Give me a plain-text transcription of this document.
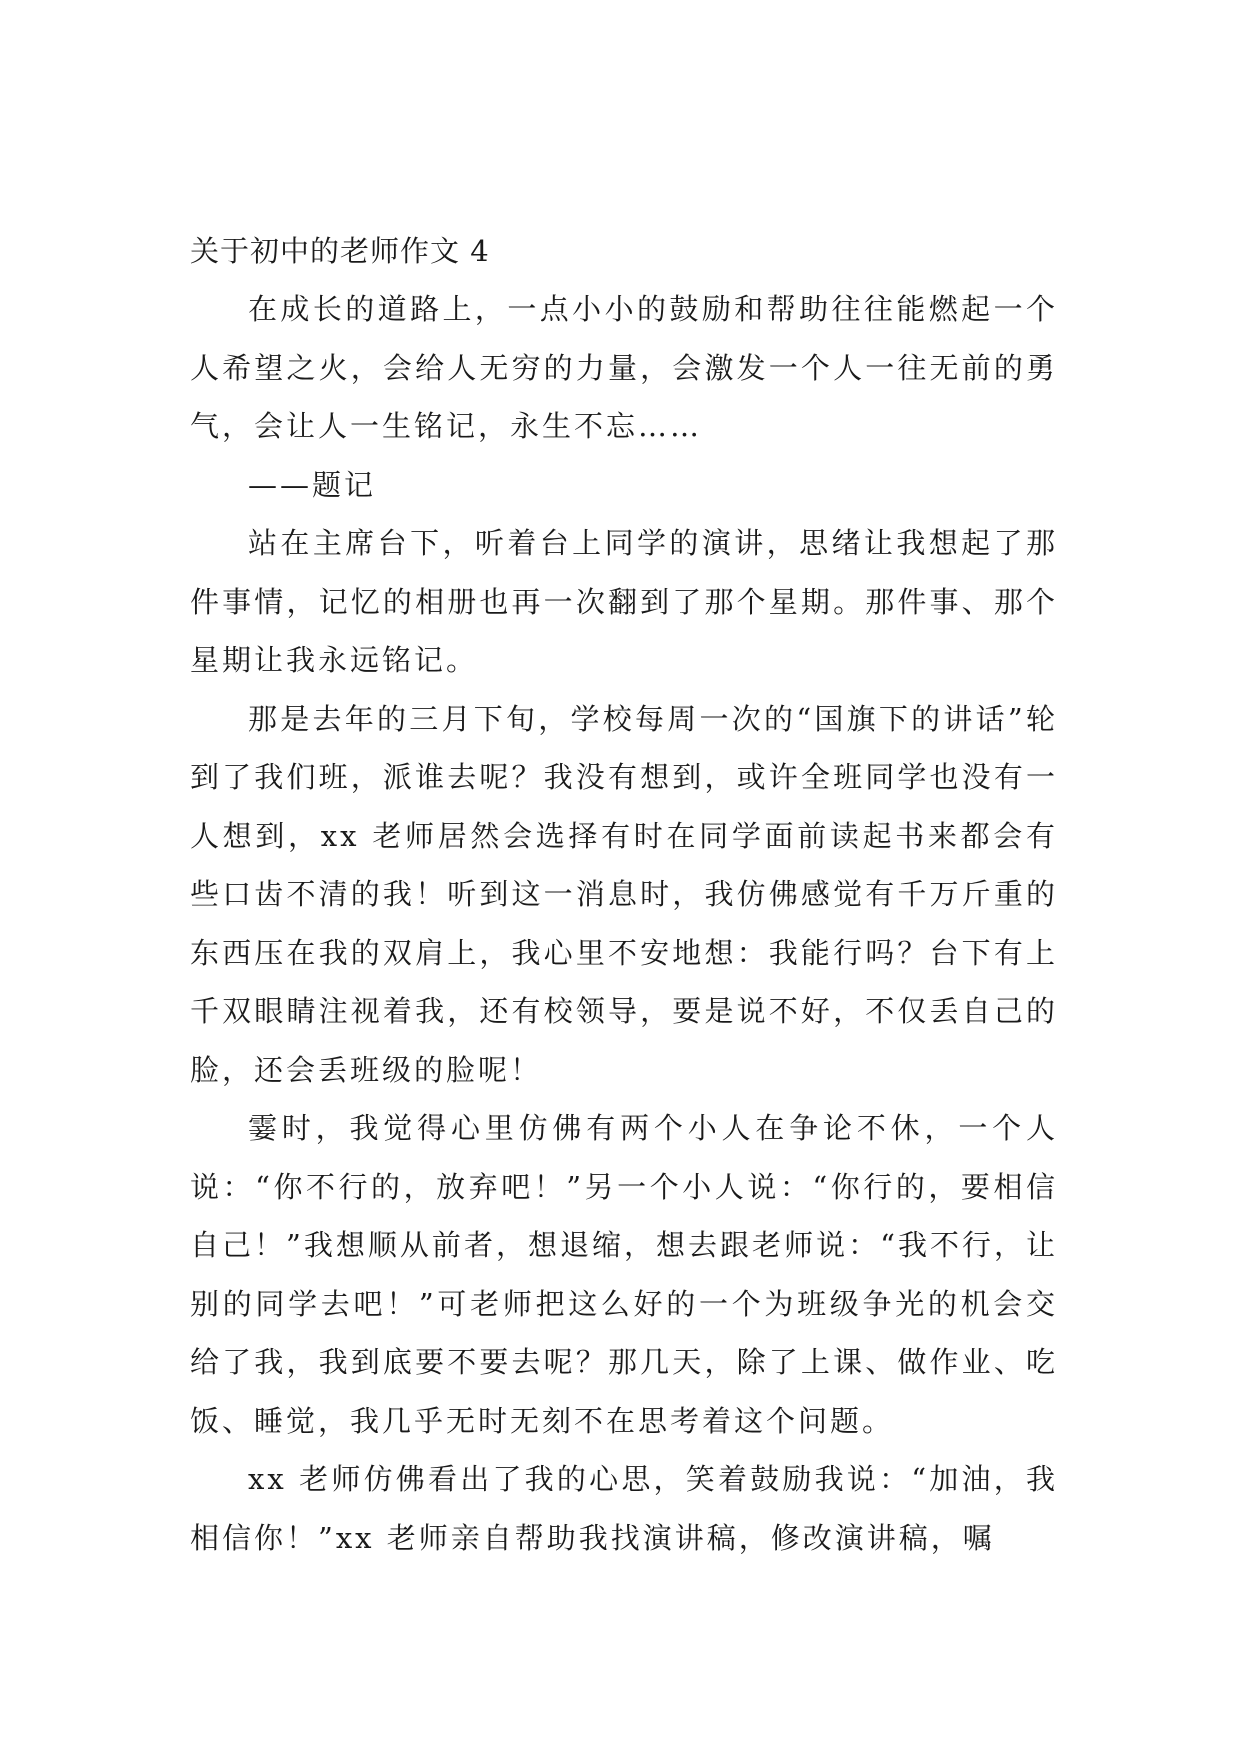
关于初中的老师作文 4

在成长的道路上，一点小小的鼓励和帮助往往能燃起一个人希望之火，会给人无穷的力量，会激发一个人一往无前的勇气，会让人一生铭记，永生不忘……

——题记

站在主席台下，听着台上同学的演讲，思绪让我想起了那件事情，记忆的相册也再一次翻到了那个星期。那件事、那个星期让我永远铭记。

那是去年的三月下旬，学校每周一次的“国旗下的讲话”轮到了我们班，派谁去呢？我没有想到，或许全班同学也没有一人想到，xx 老师居然会选择有时在同学面前读起书来都会有些口齿不清的我！听到这一消息时，我仿佛感觉有千万斤重的东西压在我的双肩上，我心里不安地想：我能行吗？台下有上千双眼睛注视着我，还有校领导，要是说不好，不仅丢自己的脸，还会丢班级的脸呢！

霎时，我觉得心里仿佛有两个小人在争论不休，一个人说：“你不行的，放弃吧！”另一个小人说：“你行的，要相信自己！”我想顺从前者，想退缩，想去跟老师说：“我不行，让别的同学去吧！”可老师把这么好的一个为班级争光的机会交给了我，我到底要不要去呢？那几天，除了上课、做作业、吃饭、睡觉，我几乎无时无刻不在思考着这个问题。

xx 老师仿佛看出了我的心思，笑着鼓励我说：“加油，我相信你！”xx 老师亲自帮助我找演讲稿，修改演讲稿，嘱
